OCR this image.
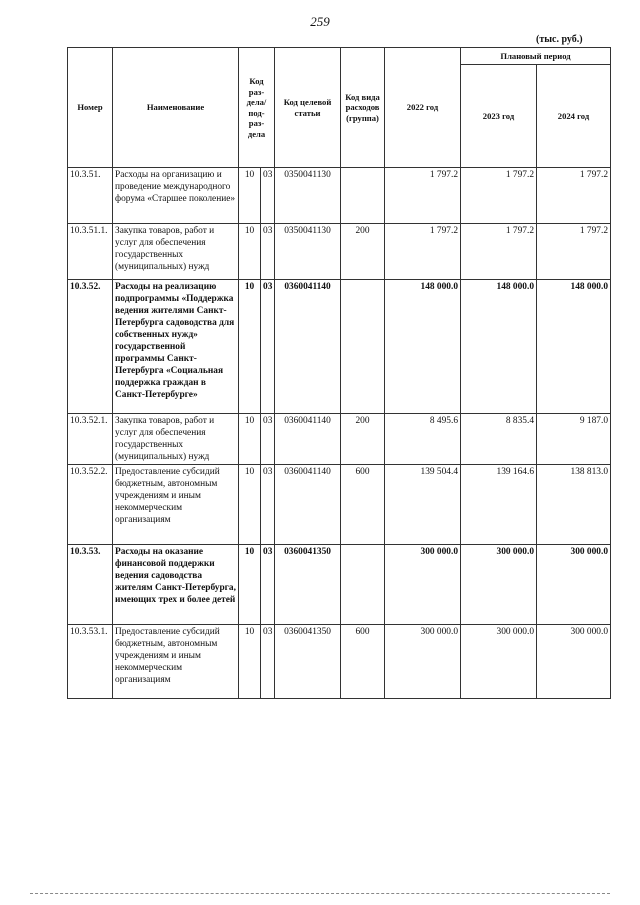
259
(тыс. руб.)
Номер	Наименование	Код раз-дела/ под-раз-дела		Код целевой статьи	Код вида расходов (группа)	2022 год	Плановый период	
							2023 год	2024 год
10.3.51.	Расходы на организацию и проведение международного форума «Старшее поколение»	10	03	0350041130		1 797.2	1 797.2	1 797.2
10.3.51.1.	Закупка товаров, работ и услуг для обеспечения государственных (муниципальных) нужд	10	03	0350041130	200	1 797.2	1 797.2	1 797.2
10.3.52.	Расходы на реализацию подпрограммы «Поддержка ведения жителями Санкт-Петербурга садоводства для собственных нужд» государственной программы Санкт-Петербурга «Социальная поддержка граждан в Санкт-Петербурге»	10	03	0360041140		148 000.0	148 000.0	148 000.0
10.3.52.1.	Закупка товаров, работ и услуг для обеспечения государственных (муниципальных) нужд	10	03	0360041140	200	8 495.6	8 835.4	9 187.0
10.3.52.2.	Предоставление субсидий бюджетным, автономным учреждениям и иным некоммерческим организациям	10	03	0360041140	600	139 504.4	139 164.6	138 813.0
10.3.53.	Расходы на оказание финансовой поддержки ведения садоводства жителям Санкт-Петербурга, имеющих трех и более детей	10	03	0360041350		300 000.0	300 000.0	300 000.0
10.3.53.1.	Предоставление субсидий бюджетным, автономным учреждениям и иным некоммерческим организациям	10	03	0360041350	600	300 000.0	300 000.0	300 000.0
